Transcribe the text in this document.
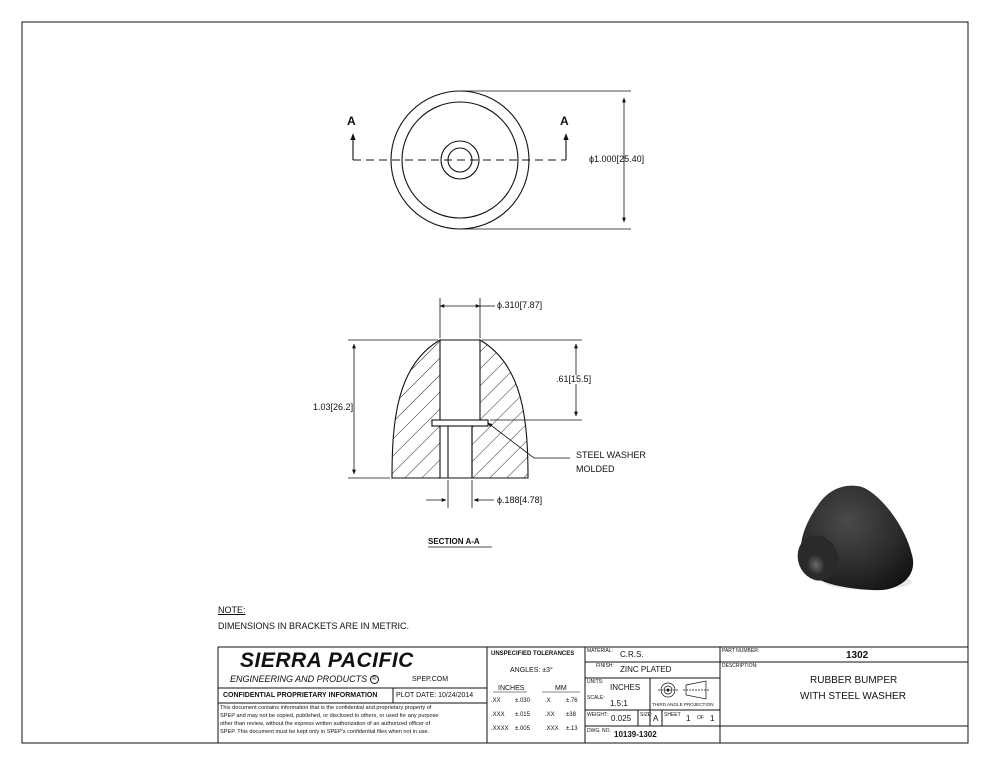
A	A
ϕ1.000[25.40]
ϕ.310[7.87]
1.03[26.2]
.61[15.5]
ϕ.188[4.78]
STEEL WASHER
MOLDED
SECTION A-A
NOTE:
DIMENSIONS IN BRACKETS ARE IN METRIC.
SIERRA PACIFIC
ENGINEERING AND PRODUCTS R	SPEP.COM
CONFIDENTIAL PROPRIETARY INFORMATION	PLOT DATE: 10/24/2014
This document contains information that is the confidential and proprietary property of
SPEP and may not be copied, published, or disclosed to others, or used for any purpose
other than review, without the express written authorization of an authorized officer of
SPEP. This document must be kept only in SPEP's confidential files when not in use.
UNSPECIFIED TOLERANCES
ANGLES: ±3°
INCHES	MM
.XX ±.030	.X	±.76
.XXX ±.015	.XX ±38
.XXXX ±.005	.XXX ±.13
MATERIAL: C.R.S.
FINISH: ZINC PLATED
UNITS:
INCHES
SCALE:
1.5:1	THIRD ANGLE PROJECTION
WEIGHT: 0.025 SIZE: A SHEET 1 OF 1
DWG. NO. 10139-1302
PART NUMBER:	1302
DESCRIPTION:
RUBBER BUMPER
WITH STEEL WASHER
